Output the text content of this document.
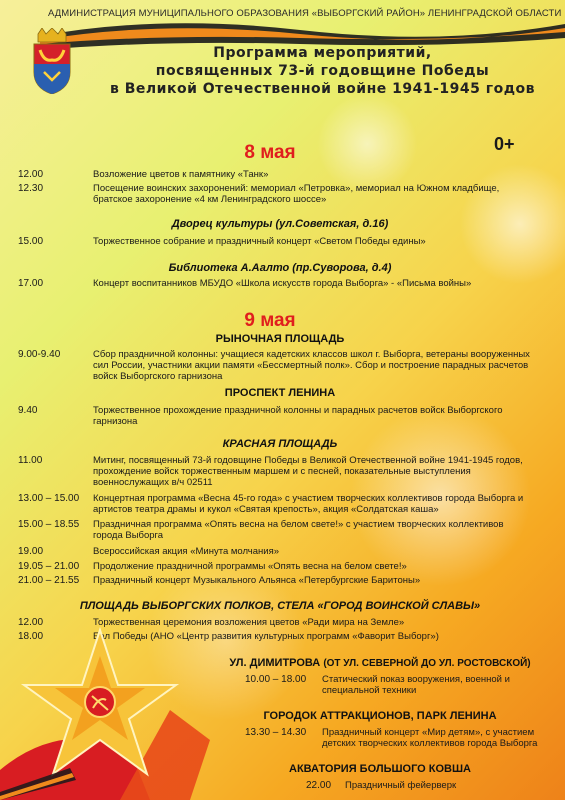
АДМИНИСТРАЦИЯ МУНИЦИПАЛЬНОГО ОБРАЗОВАНИЯ «ВЫБОРГСКИЙ РАЙОН» ЛЕНИНГРАДСКОЙ ОБЛАСТИ
Программа мероприятий,
посвященных 73-й годовщине Победы
в Великой Отечественной войне 1941-1945 годов
0+
8 мая
12.00	Возложение цветов к памятнику «Танк»
12.30	Посещение воинских захоронений: мемориал «Петровка», мемориал на Южном кладбище,
братское захоронение «4 км Ленинградского шоссе»
Дворец культуры (ул.Советская, д.16)
15.00	Торжественное собрание и праздничный концерт «Светом Победы едины»
Библиотека А.Аалто (пр.Суворова, д.4)
17.00	Концерт воспитанников МБУДО «Школа искусств города Выборга» - «Письма войны»
9 мая
РЫНОЧНАЯ ПЛОЩАДЬ
9.00-9.40	Сбор праздничной колонны: учащиеся кадетских классов школ г. Выборга, ветераны вооруженных
сил России, участники акции памяти «Бессмертный полк». Сбор и построение парадных расчетов
войск Выборгского гарнизона
ПРОСПЕКТ ЛЕНИНА
9.40	Торжественное прохождение праздничной колонны и парадных расчетов войск Выборгского
гарнизона
КРАСНАЯ ПЛОЩАДЬ
11.00	Митинг, посвященный 73-й годовщине Победы в Великой Отечественной войне 1941-1945 годов,
прохождение войск торжественным маршем и с песней, показательные выступления
военнослужащих в/ч 02511
13.00 – 15.00 Концертная программа «Весна 45-го года» с участием творческих коллективов города Выборга и
артистов театра драмы и кукол «Святая крепость», акция «Солдатская каша»
15.00 – 18.55 Праздничная программа «Опять весна на белом свете!» с участием творческих коллективов
города Выборга
19.00	Всероссийская акция «Минута молчания»
19.05 – 21.00 Продолжение праздничной программы «Опять весна на белом свете!»
21.00 – 21.55 Праздничный концерт Музыкального Альянса «Петербургские Баритоны»
ПЛОЩАДЬ ВЫБОРГСКИХ ПОЛКОВ, СТЕЛА «ГОРОД ВОИНСКОЙ СЛАВЫ»
12.00	Торжественная церемония возложения цветов «Ради мира на Земле»
18.00	Бал Победы (АНО «Центр развития культурных программ «Фаворит Выборг»)
УЛ. ДИМИТРОВА (ОТ УЛ. СЕВЕРНОЙ ДО УЛ. РОСТОВСКОЙ)
10.00 – 18.00 Статический показ вооружения, военной и
специальной техники
ГОРОДОК АТТРАКЦИОНОВ, ПАРК ЛЕНИНА
13.30 – 14.30 Праздничный концерт «Мир детям», с участием
детских творческих коллективов города Выборга
АКВАТОРИЯ БОЛЬШОГО КОВША
22.00 Праздничный фейерверк
